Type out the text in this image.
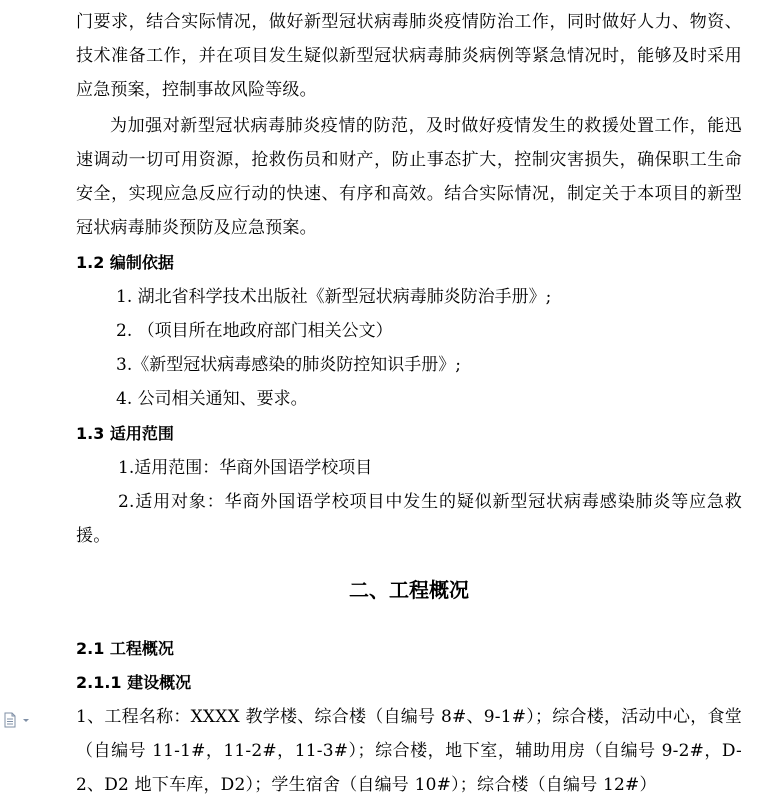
门要求，结合实际情况，做好新型冠状病毒肺炎疫情防治工作，同时做好人力、物资、技术准备工作，并在项目发生疑似新型冠状病毒肺炎病例等紧急情况时，能够及时采用应急预案，控制事故风险等级。

为加强对新型冠状病毒肺炎疫情的防范，及时做好疫情发生的救援处置工作，能迅速调动一切可用资源，抢救伤员和财产，防止事态扩大，控制灾害损失，确保职工生命安全，实现应急反应行动的快速、有序和高效。结合实际情况，制定关于本项目的新型冠状病毒肺炎预防及应急预案。

1.2 编制依据

1. 湖北省科学技术出版社《新型冠状病毒肺炎防治手册》;

2. （项目所在地政府部门相关公文）

3.《新型冠状病毒感染的肺炎防控知识手册》;

4. 公司相关通知、要求。

1.3 适用范围

1.适用范围：华商外国语学校项目

2.适用对象：华商外国语学校项目中发生的疑似新型冠状病毒感染肺炎等应急救援。

二、工程概况

2.1 工程概况

2.1.1 建设概况

1、工程名称：XXXX 教学楼、综合楼（自编号 8#、9-1#）；综合楼，活动中心，食堂（自编号 11-1#，11-2#，11-3#）；综合楼，地下室，辅助用房（自编号 9-2#，D-2、D2 地下车库，D2）；学生宿舍（自编号 10#）；综合楼（自编号 12#）
